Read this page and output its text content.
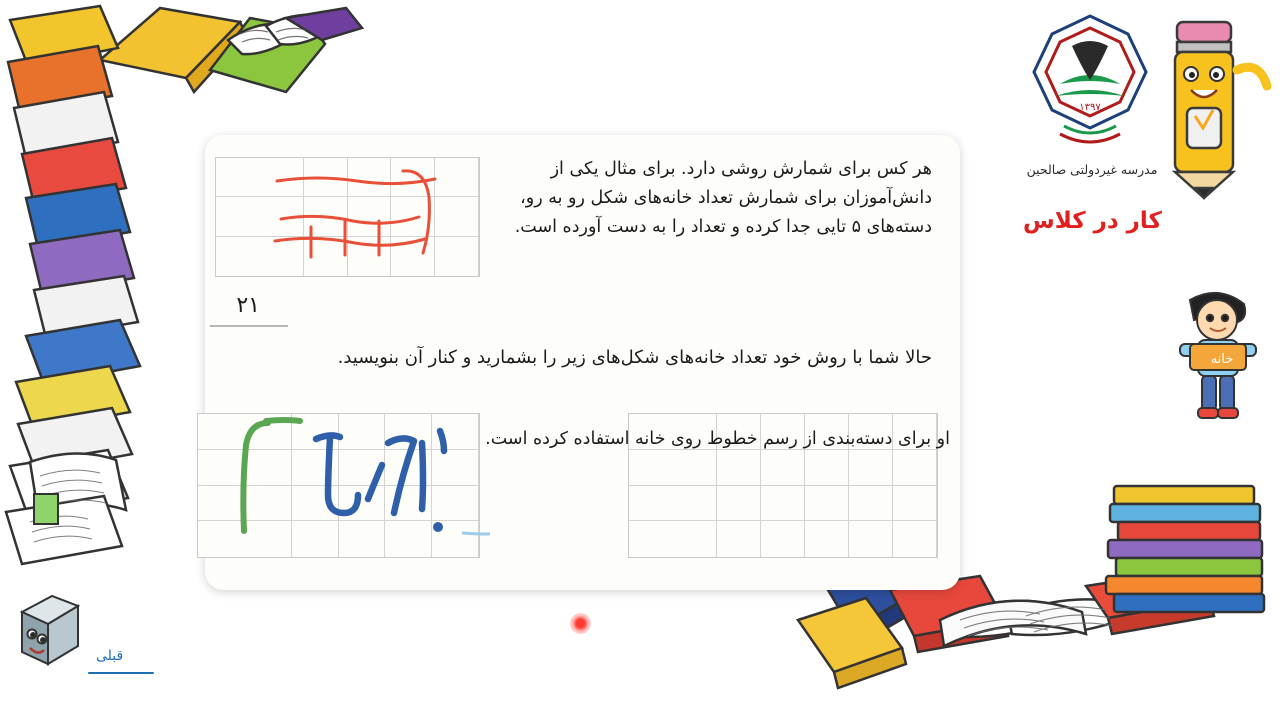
۱۳۹۷
مدرسه غیردولتی صالحین
کار در کلاس
خانه
هر کس برای شمارش روشی دارد. برای مثال یکی از دانش‌آموزان برای شمارش تعداد خانه‌های شکل رو به رو، دسته‌های ۵ تایی جدا کرده و تعداد را به دست آورده است.
۲۱
حالا شما با روش خود تعداد خانه‌های شکل‌های زیر را بشمارید و کنار آن بنویسید.
او برای دسته‌بندی از رسم خطوط روی خانه استفاده کرده است.
قبلی
